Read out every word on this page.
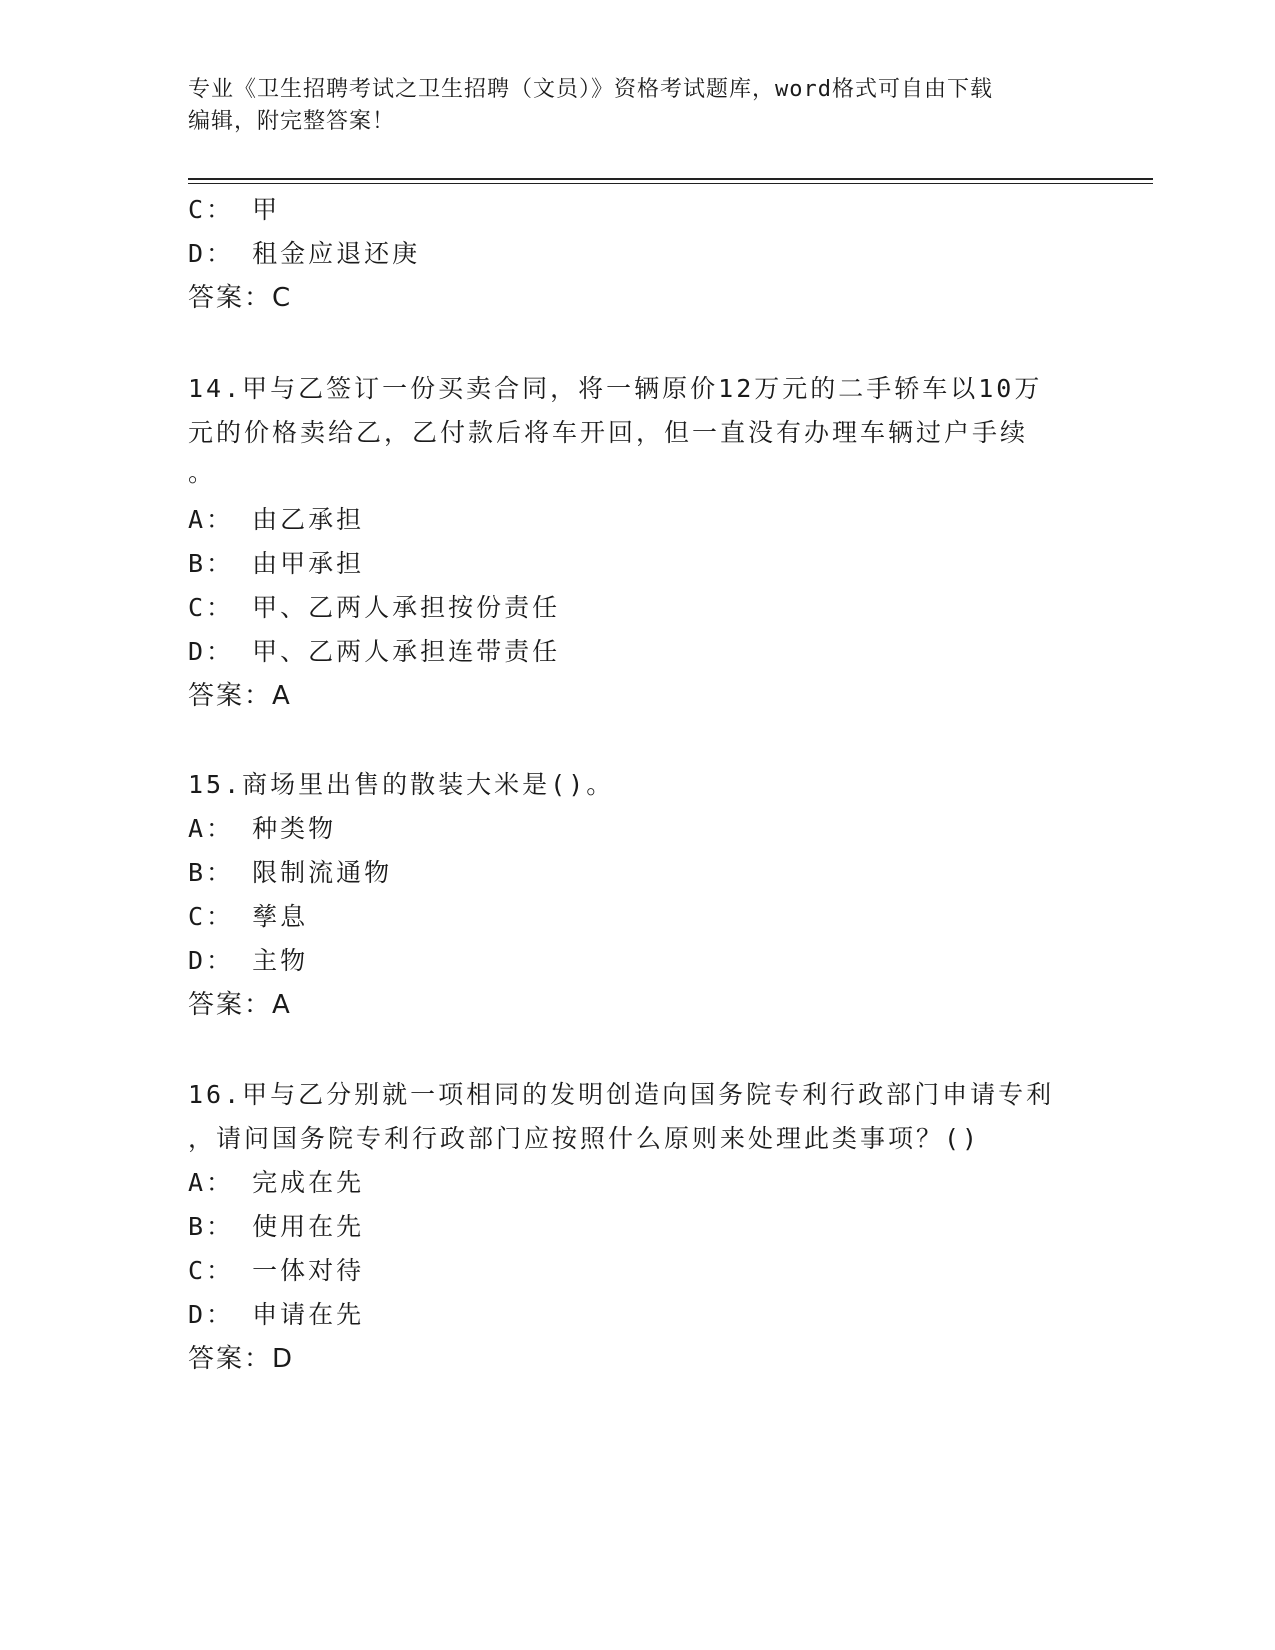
专业《卫生招聘考试之卫生招聘（文员）》资格考试题库，word格式可自由下载
编辑，附完整答案！
C： 甲
D： 租金应退还庚
答案：C
14.甲与乙签订一份买卖合同，将一辆原价12万元的二手轿车以10万
元的价格卖给乙，乙付款后将车开回，但一直没有办理车辆过户手续
。
A： 由乙承担
B： 由甲承担
C： 甲、乙两人承担按份责任
D： 甲、乙两人承担连带责任
答案：A
15.商场里出售的散装大米是()。
A： 种类物
B： 限制流通物
C： 孳息
D： 主物
答案：A
16.甲与乙分别就一项相同的发明创造向国务院专利行政部门申请专利
，请问国务院专利行政部门应按照什么原则来处理此类事项？()
A： 完成在先
B： 使用在先
C： 一体对待
D： 申请在先
答案：D
